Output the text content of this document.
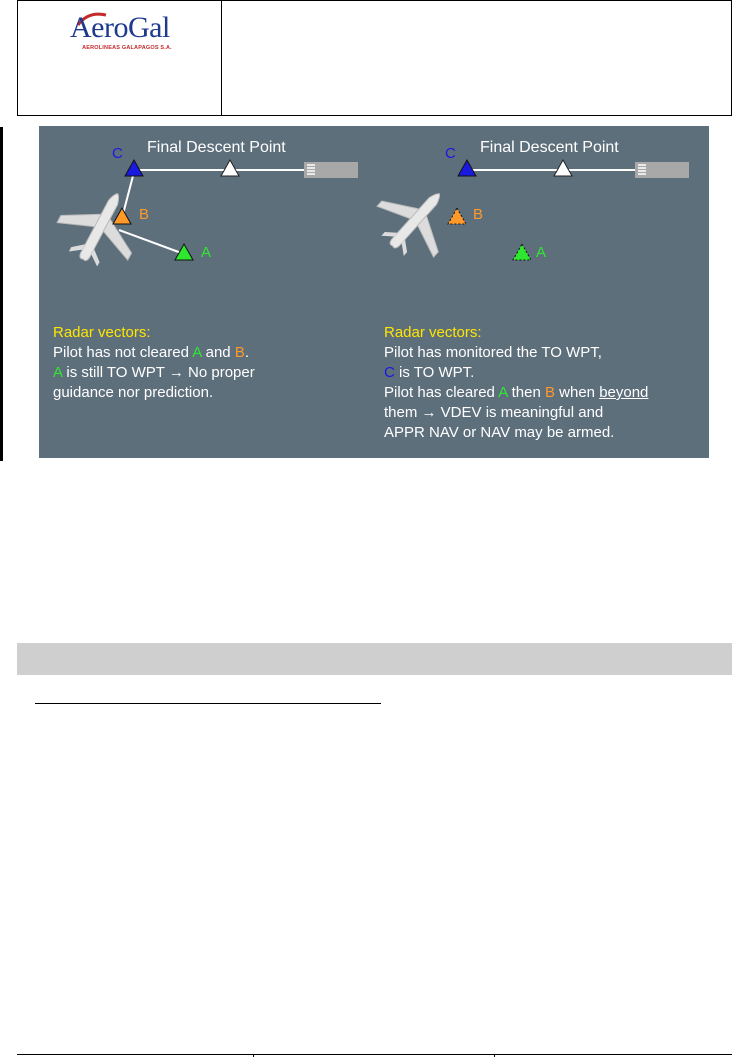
AeroGal
AEROLINEAS GALAPAGOS S.A.
Final Descent Point
C
B
A
Radar vectors:
Pilot has not cleared A and B.
A is still TO WPT → No proper
guidance nor prediction.
Final Descent Point
C
B
A
Radar vectors:
Pilot has monitored the TO WPT,
C is TO WPT.
Pilot has cleared A then B when beyond
them → VDEV is meaningful and
APPR NAV or NAV may be armed.
